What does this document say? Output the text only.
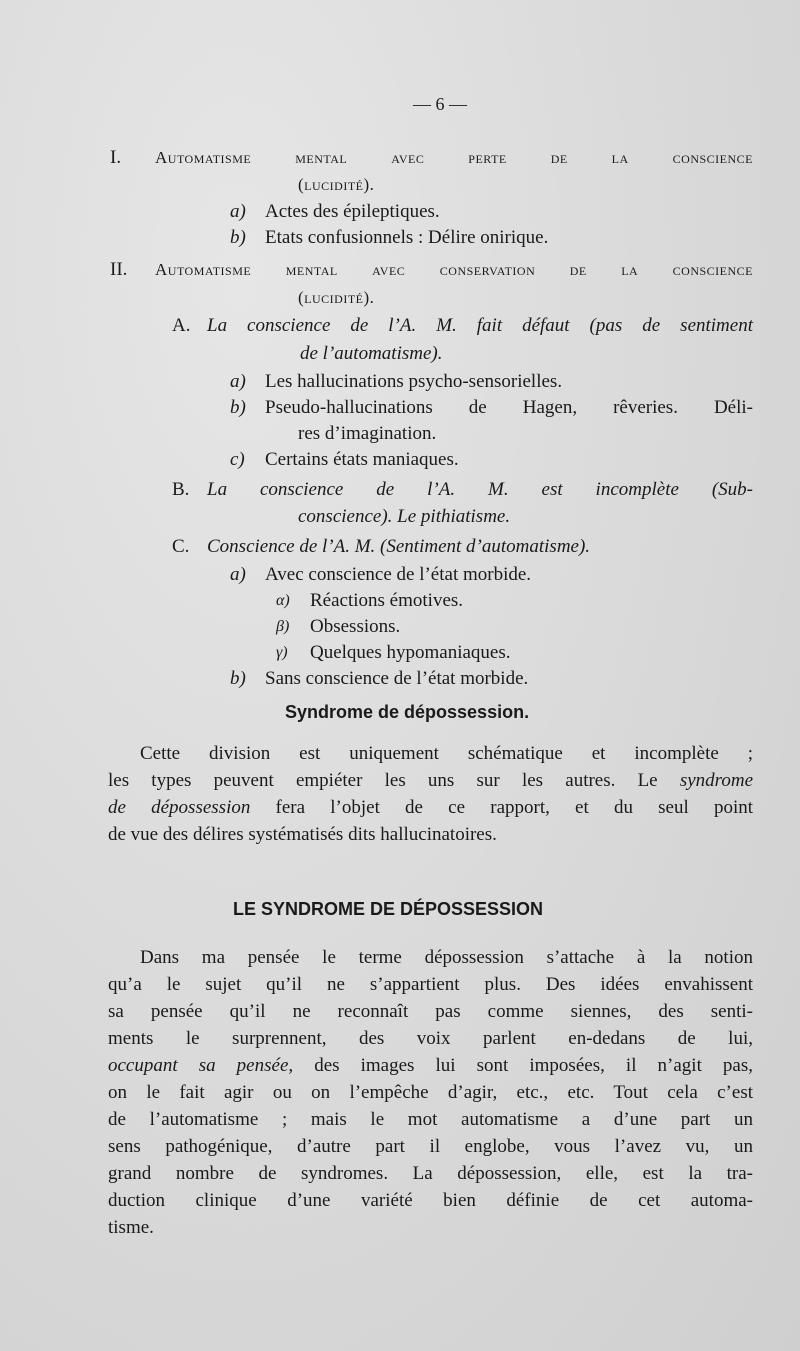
— 6 —
I. Automatisme mental avec perte de la conscience
(lucidité).
a) Actes des épileptiques.
b) Etats confusionnels : Délire onirique.
II. Automatisme mental avec conservation de la conscience
(lucidité).
A. La conscience de l’A. M. fait défaut (pas de sentiment
de l’automatisme).
a) Les hallucinations psycho-sensorielles.
b) Pseudo-hallucinations de Hagen, rêveries. Déli-
res d’imagination.
c) Certains états maniaques.
B. La conscience de l’A. M. est incomplète (Sub-
conscience). Le pithiatisme.
C. Conscience de l’A. M. (Sentiment d’automatisme).
a) Avec conscience de l’état morbide.
α) Réactions émotives.
β) Obsessions.
γ) Quelques hypomaniaques.
b) Sans conscience de l’état morbide.
Syndrome de dépossession.
Cette division est uniquement schématique et incomplète ;
les types peuvent empiéter les uns sur les autres. Le syndrome
de dépossession fera l’objet de ce rapport, et du seul point
de vue des délires systématisés dits hallucinatoires.
LE SYNDROME DE DÉPOSSESSION
Dans ma pensée le terme dépossession s’attache à la notion
qu’a le sujet qu’il ne s’appartient plus. Des idées envahissent
sa pensée qu’il ne reconnaît pas comme siennes, des senti-
ments le surprennent, des voix parlent en-dedans de lui,
occupant sa pensée, des images lui sont imposées, il n’agit pas,
on le fait agir ou on l’empêche d’agir, etc., etc. Tout cela c’est
de l’automatisme ; mais le mot automatisme a d’une part un
sens pathogénique, d’autre part il englobe, vous l’avez vu, un
grand nombre de syndromes. La dépossession, elle, est la tra-
duction clinique d’une variété bien définie de cet automa-
tisme.
